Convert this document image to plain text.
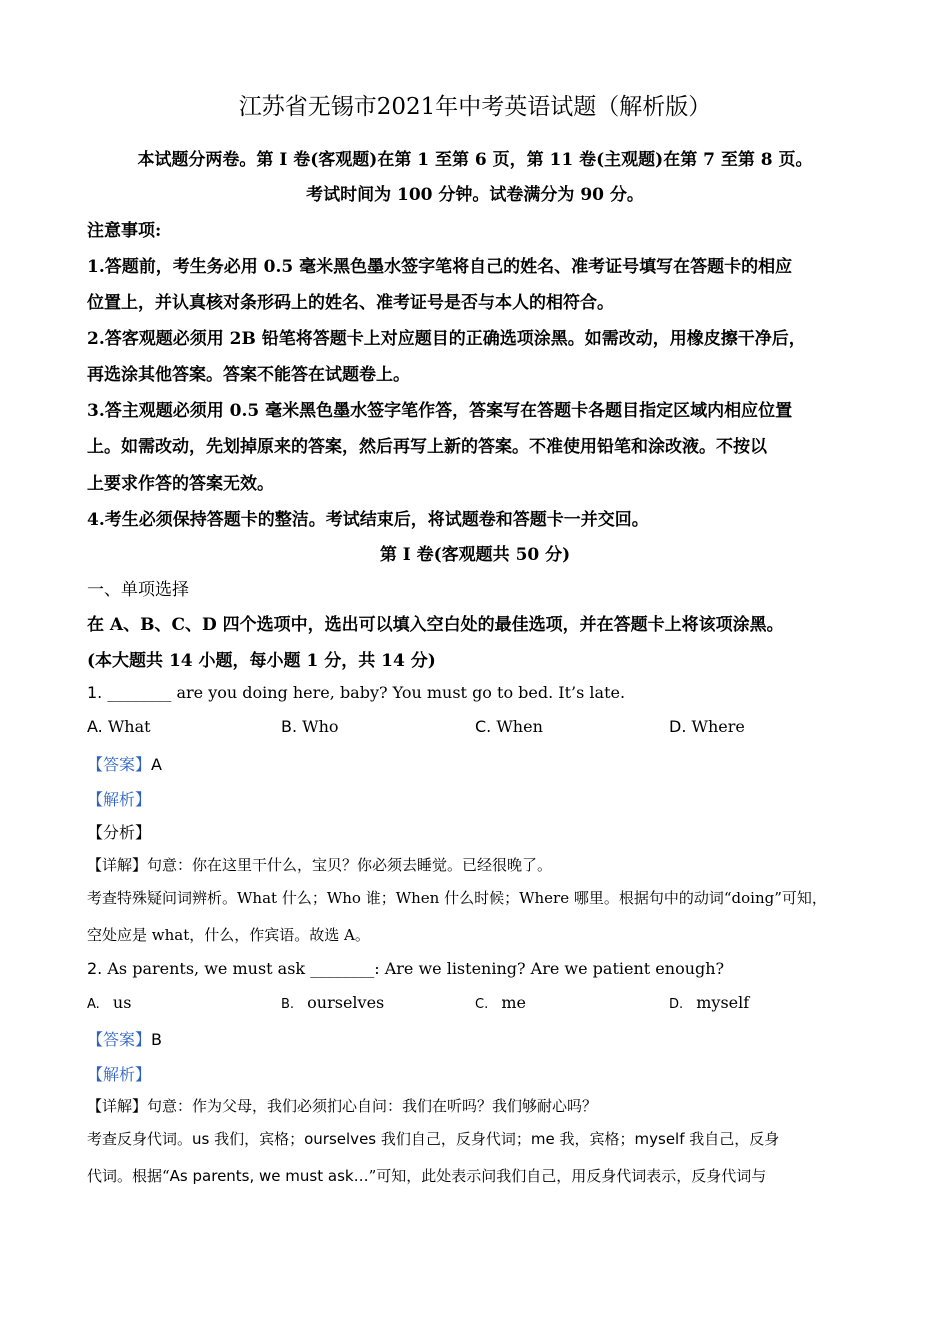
江苏省无锡市2021年中考英语试题（解析版）
本试题分两卷。第 I 卷(客观题)在第 1 至第 6 页，第 11 卷(主观题)在第 7 至第 8 页。
考试时间为 100 分钟。试卷满分为 90 分。
注意事项:
1.答题前，考生务必用 0.5 毫米黑色墨水签字笔将自己的姓名、准考证号填写在答题卡的相应
位置上，并认真核对条形码上的姓名、准考证号是否与本人的相符合。
2.答客观题必须用 2B 铅笔将答题卡上对应题目的正确选项涂黑。如需改动，用橡皮擦干净后，
再选涂其他答案。答案不能答在试题卷上。
3.答主观题必须用 0.5 毫米黑色墨水签字笔作答，答案写在答题卡各题目指定区域内相应位置
上。如需改动，先划掉原来的答案，然后再写上新的答案。不准使用铅笔和涂改液。不按以
上要求作答的答案无效。
4.考生必须保持答题卡的整洁。考试结束后，将试题卷和答题卡一并交回。
第 I 卷(客观题共 50 分)
一、单项选择
在 A、B、C、D 四个选项中，选出可以填入空白处的最佳选项，并在答题卡上将该项涂黑。
(本大题共 14 小题，每小题 1 分，共 14 分)
1. ________ are you doing here, baby? You must go to bed. It’s late.
A. What	B. Who	C. When	D. Where
【答案】A
【解析】
【分析】
【详解】句意：你在这里干什么，宝贝？你必须去睡觉。已经很晚了。
考查特殊疑问词辨析。What 什么；Who 谁；When 什么时候；Where 哪里。根据句中的动词“doing”可知，
空处应是 what，什么，作宾语。故选 A。
2. As parents, we must ask ________: Are we listening? Are we patient enough?
A. us	B. ourselves	C. me	D. myself
【答案】B
【解析】
【详解】句意：作为父母，我们必须扪心自问：我们在听吗？我们够耐心吗？
考查反身代词。us 我们，宾格；ourselves 我们自己，反身代词；me 我，宾格；myself 我自己，反身
代词。根据“As parents, we must ask…”可知，此处表示问我们自己，用反身代词表示，反身代词与
